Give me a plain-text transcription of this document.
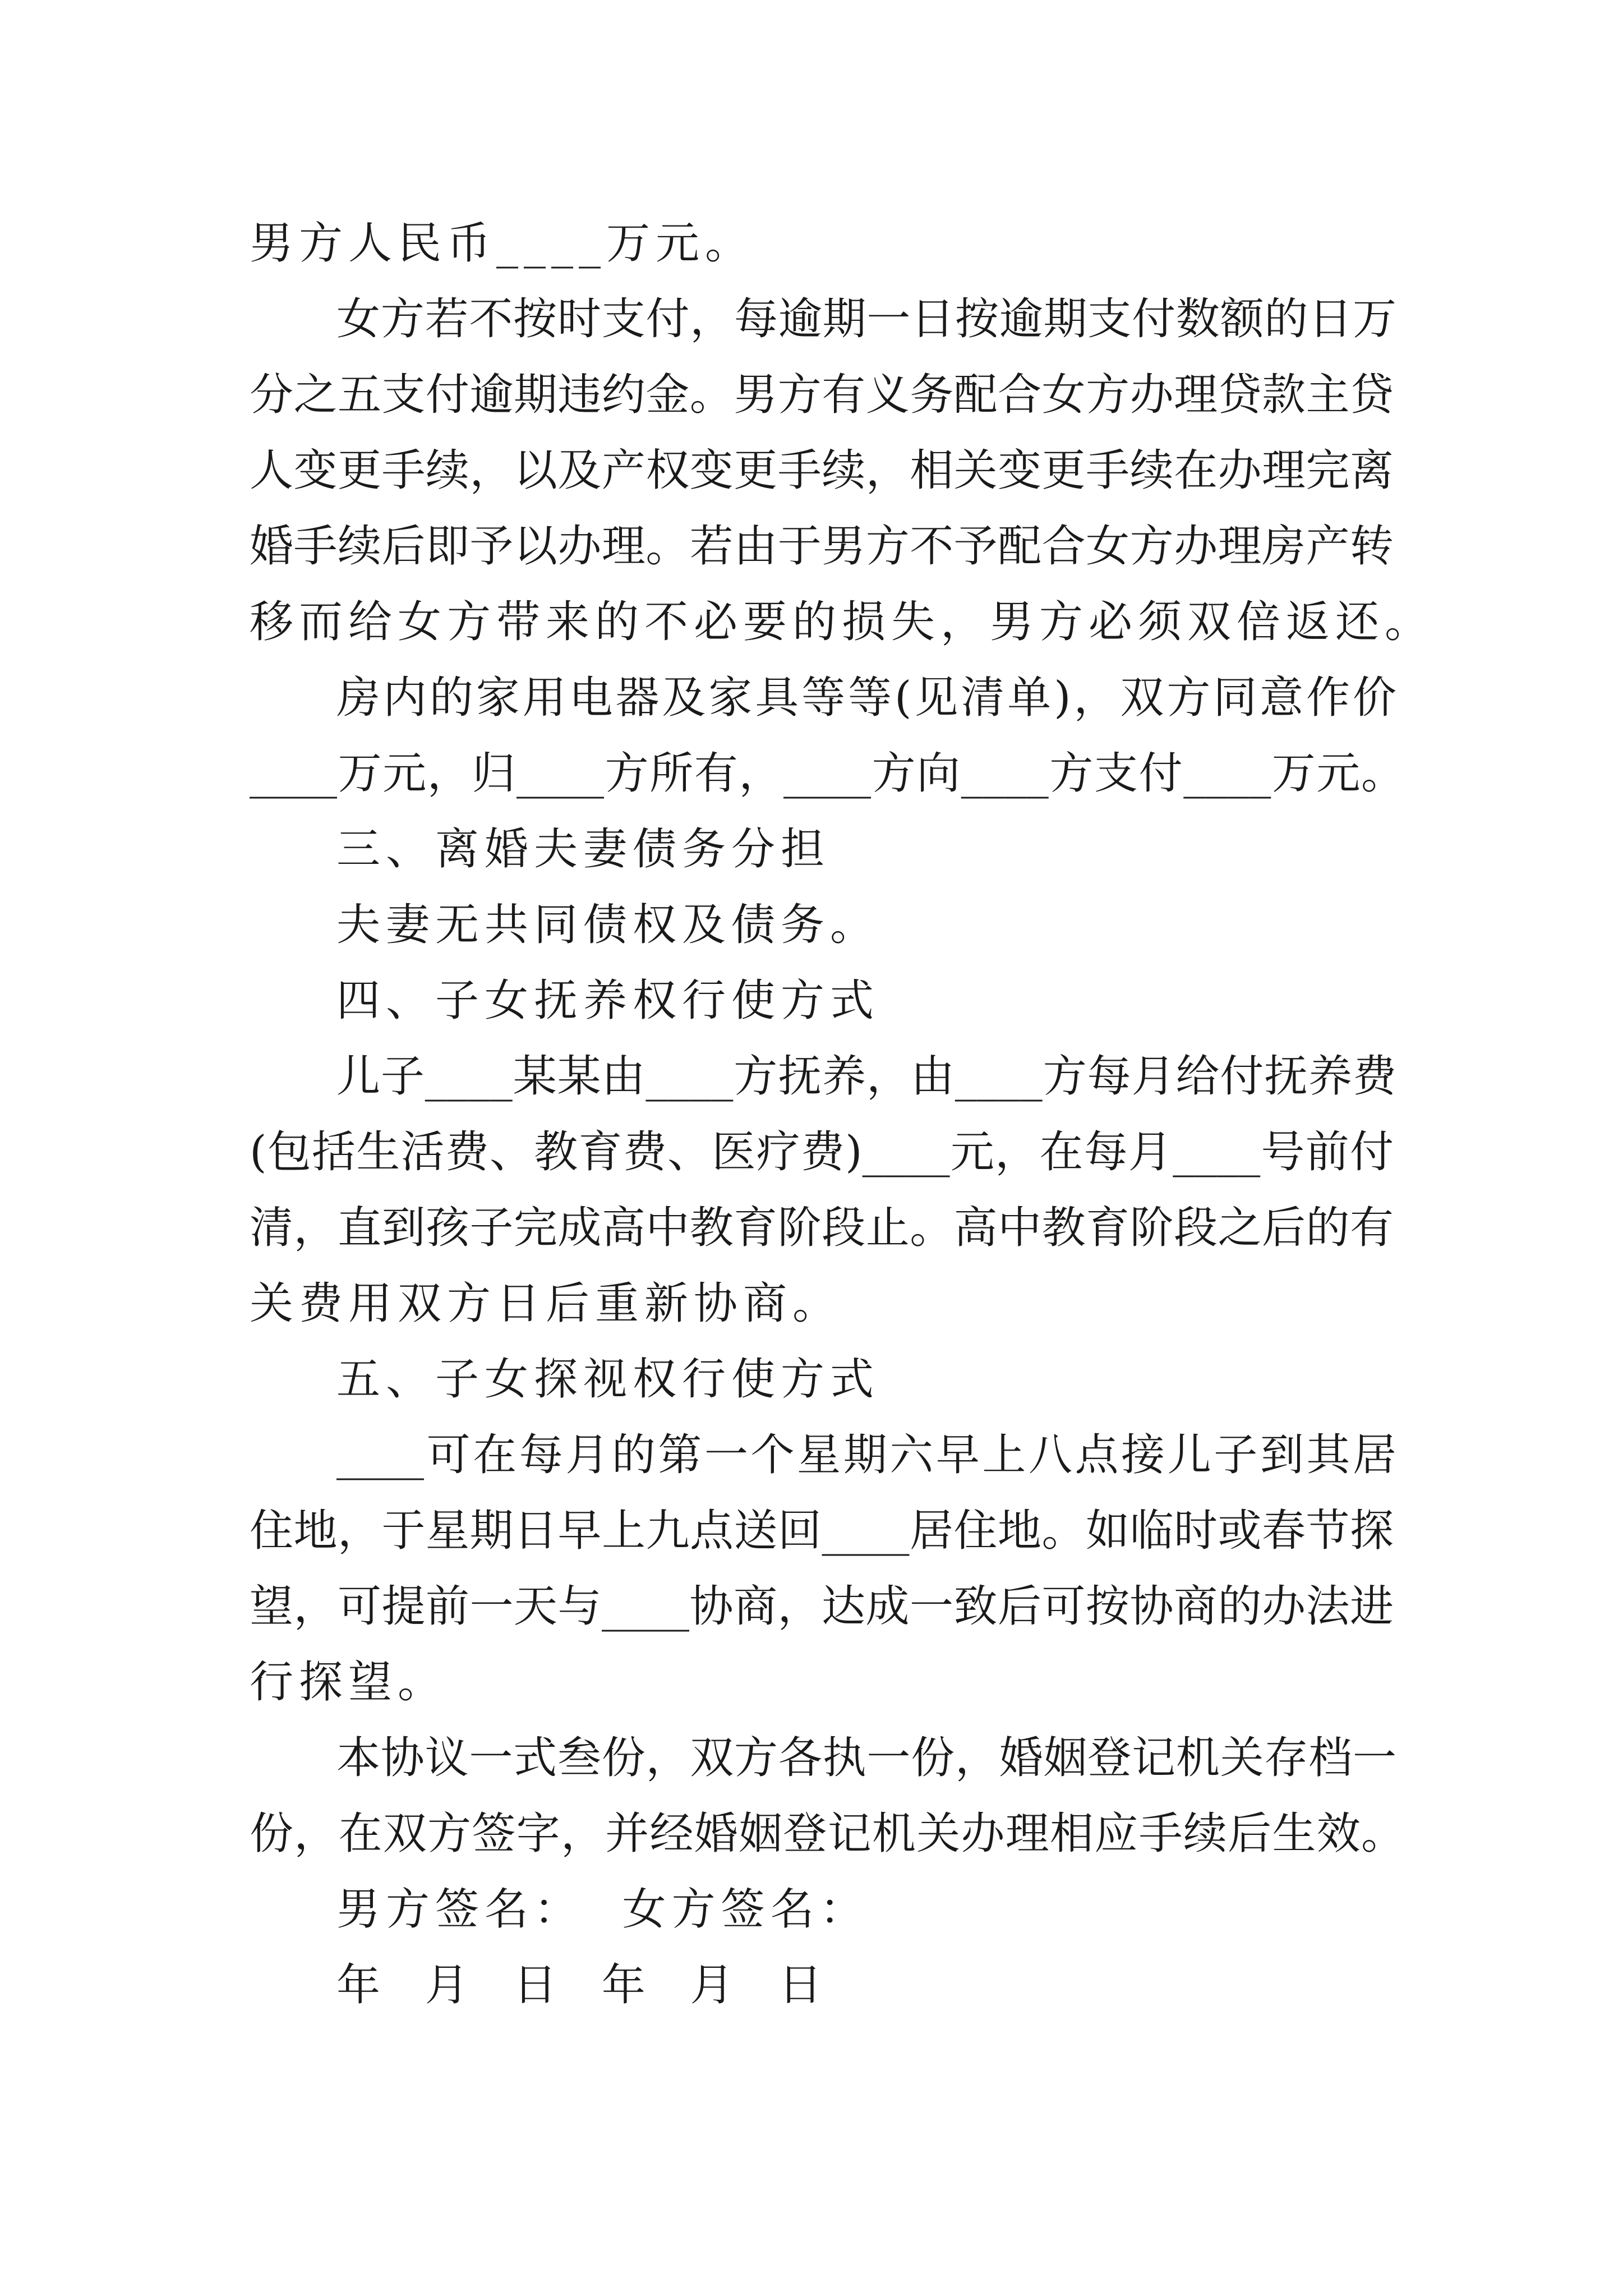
男方人民币____万元。
女方若不按时支付，每逾期一日按逾期支付数额的日万
分之五支付逾期违约金。男方有义务配合女方办理贷款主贷
人变更手续，以及产权变更手续，相关变更手续在办理完离
婚手续后即予以办理。若由于男方不予配合女方办理房产转
移而给女方带来的不必要的损失，男方必须双倍返还。
房内的家用电器及家具等等(见清单)，双方同意作价
____万元，归____方所有，____方向____方支付____万元。
三、离婚夫妻债务分担
夫妻无共同债权及债务。
四、子女抚养权行使方式
儿子____某某由____方抚养，由____方每月给付抚养费
(包括生活费、教育费、医疗费)____元，在每月____号前付
清，直到孩子完成高中教育阶段止。高中教育阶段之后的有
关费用双方日后重新协商。
五、子女探视权行使方式
____可在每月的第一个星期六早上八点接儿子到其居
住地，于星期日早上九点送回____居住地。如临时或春节探
望，可提前一天与____协商，达成一致后可按协商的办法进
行探望。
本协议一式叁份，双方各执一份，婚姻登记机关存档一
份，在双方签字，并经婚姻登记机关办理相应手续后生效。
男方签名：  女方签名：
年  月  日  年  月  日
